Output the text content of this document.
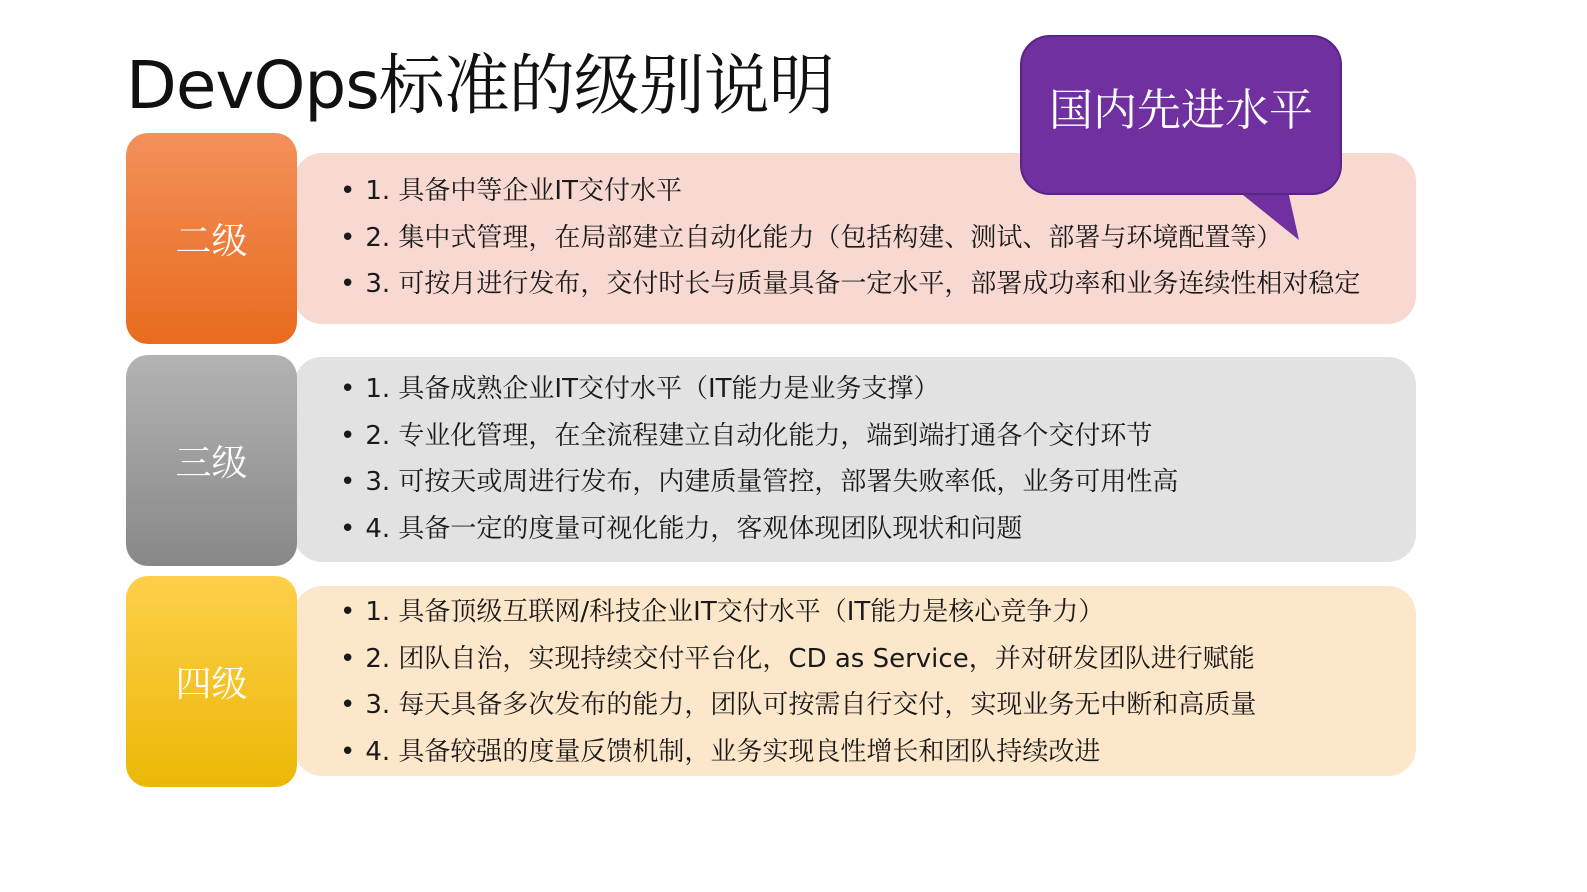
DevOps标准的级别说明
二级
• 1. 具备中等企业IT交付水平
• 2. 集中式管理，在局部建立自动化能力（包括构建、测试、部署与环境配置等）
• 3. 可按月进行发布，交付时长与质量具备一定水平，部署成功率和业务连续性相对稳定
三级
• 1. 具备成熟企业IT交付水平（IT能力是业务支撑）
• 2. 专业化管理，在全流程建立自动化能力，端到端打通各个交付环节
• 3. 可按天或周进行发布，内建质量管控，部署失败率低，业务可用性高
• 4. 具备一定的度量可视化能力，客观体现团队现状和问题
四级
• 1. 具备顶级互联网/科技企业IT交付水平（IT能力是核心竞争力）
• 2. 团队自治，实现持续交付平台化，CD as Service，并对研发团队进行赋能
• 3. 每天具备多次发布的能力，团队可按需自行交付，实现业务无中断和高质量
• 4. 具备较强的度量反馈机制，业务实现良性增长和团队持续改进
国内先进水平
